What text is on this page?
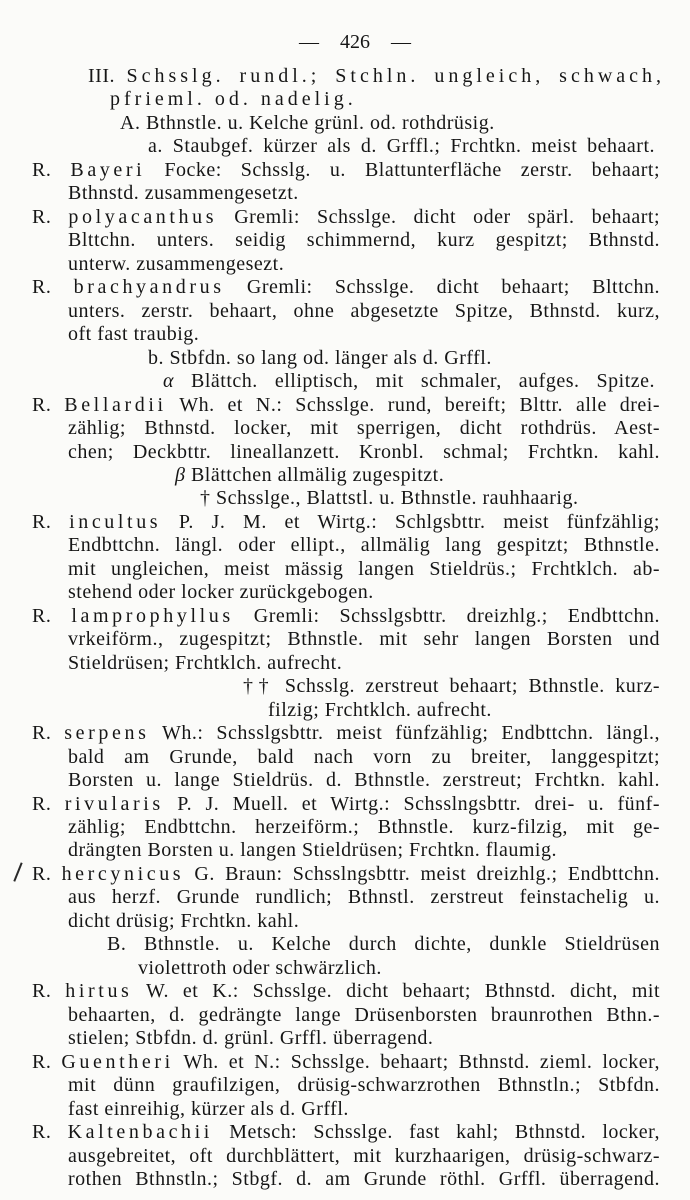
— 426 —
III. Schsslg. rundl.; Stchln. ungleich, schwach,
pfrieml. od. nadelig.
A. Bthnstle. u. Kelche grünl. od. rothdrüsig.
a. Staubgef. kürzer als d. Grffl.; Frchtkn. meist behaart.
R. Bayeri Focke: Schsslg. u. Blattunterfläche zerstr. behaart;
Bthnstd. zusammengesetzt.
R. polyacanthus Gremli: Schsslge. dicht oder spärl. behaart;
Blttchn. unters. seidig schimmernd, kurz gespitzt; Bthnstd.
unterw. zusammengesezt.
R. brachyandrus Gremli: Schsslge. dicht behaart; Blttchn.
unters. zerstr. behaart, ohne abgesetzte Spitze, Bthnstd. kurz,
oft fast traubig.
b. Stbfdn. so lang od. länger als d. Grffl.
α Blättch. elliptisch, mit schmaler, aufges. Spitze.
R. Bellardii Wh. et N.: Schsslge. rund, bereift; Blttr. alle drei-
zählig; Bthnstd. locker, mit sperrigen, dicht rothdrüs. Aest-
chen; Deckbttr. lineallanzett. Kronbl. schmal; Frchtkn. kahl.
β Blättchen allmälig zugespitzt.
† Schsslge., Blattstl. u. Bthnstle. rauhhaarig.
R. incultus P. J. M. et Wirtg.: Schlgsbttr. meist fünfzählig;
Endbttchn. längl. oder ellipt., allmälig lang gespitzt; Bthnstle.
mit ungleichen, meist mässig langen Stieldrüs.; Frchtklch. ab-
stehend oder locker zurückgebogen.
R. lamprophyllus Gremli: Schsslgsbttr. dreizhlg.; Endbttchn.
vrkeiförm., zugespitzt; Bthnstle. mit sehr langen Borsten und
Stieldrüsen; Frchtklch. aufrecht.
†† Schsslg. zerstreut behaart; Bthnstle. kurz-
filzig; Frchtklch. aufrecht.
R. serpens Wh.: Schsslgsbttr. meist fünfzählig; Endbttchn. längl.,
bald am Grunde, bald nach vorn zu breiter, langgespitzt;
Borsten u. lange Stieldrüs. d. Bthnstle. zerstreut; Frchtkn. kahl.
R. rivularis P. J. Muell. et Wirtg.: Schsslngsbttr. drei- u. fünf-
zählig; Endbttchn. herzeiförm.; Bthnstle. kurz-filzig, mit ge-
drängten Borsten u. langen Stieldrüsen; Frchtkn. flaumig.
R. hercynicus G. Braun: Schsslngsbttr. meist dreizhlg.; Endbttchn.
aus herzf. Grunde rundlich; Bthnstl. zerstreut feinstachelig u.
dicht drüsig; Frchtkn. kahl.
B. Bthnstle. u. Kelche durch dichte, dunkle Stieldrüsen
violettroth oder schwärzlich.
R. hirtus W. et K.: Schsslge. dicht behaart; Bthnstd. dicht, mit
behaarten, d. gedrängte lange Drüsenborsten braunrothen Bthn.-
stielen; Stbfdn. d. grünl. Grffl. überragend.
R. Guentheri Wh. et N.: Schsslge. behaart; Bthnstd. zieml. locker,
mit dünn graufilzigen, drüsig-schwarzrothen Bthnstln.; Stbfdn.
fast einreihig, kürzer als d. Grffl.
R. Kaltenbachii Metsch: Schsslge. fast kahl; Bthnstd. locker,
ausgebreitet, oft durchblättert, mit kurzhaarigen, drüsig-schwarz-
rothen Bthnstln.; Stbgf. d. am Grunde röthl. Grffl. überragend.
